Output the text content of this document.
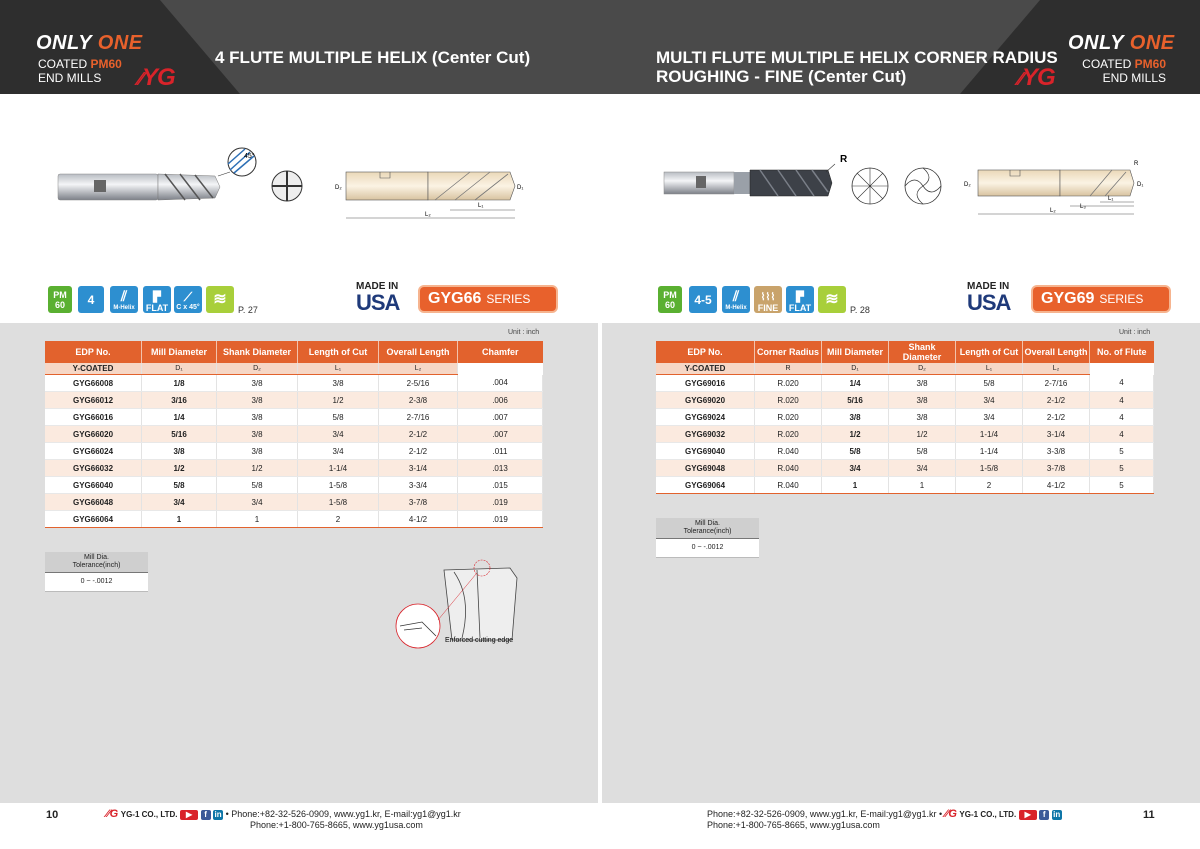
ONLY ONE
COATED PM60
END MILLS	⁄⁄YG
4 FLUTE MULTIPLE HELIX (Center Cut)	MULTI FLUTE MULTIPLE HELIX CORNER RADIUS
ROUGHING - FINE (Center Cut)	⁄⁄YG
ONLY ONE
COATED PM60
END MILLS
45°
D₂	D₁
L₁
L₂
R
D₂	D₁
R
L₁
L₃
L₂
PM
60 4 ⫽
M-Helix
▛
FLAT
⟋
C x 45° ≋
P. 27
MADE IN
USA GYG66 SERIES	PM
60 4-5 ⫽
M-Helix
⌇⌇⌇
FINE
▛
FLAT
≋
P. 28
MADE IN
USA GYG69 SERIES
Unit : inch	Unit : inch
EDP No.	Mill Diameter	Shank Diameter	Length of Cut	Overall Length	Chamfer
Y-COATED	D₁	D₂	L₁	L₂	
GYG66008	1/8	3/8	3/8	2-5/16	.004
GYG66012	3/16	3/8	1/2	2-3/8	.006
GYG66016	1/4	3/8	5/8	2-7/16	.007
GYG66020	5/16	3/8	3/4	2-1/2	.007
GYG66024	3/8	3/8	3/4	2-1/2	.011
GYG66032	1/2	1/2	1-1/4	3-1/4	.013
GYG66040	5/8	5/8	1-5/8	3-3/4	.015
GYG66048	3/4	3/4	1-5/8	3-7/8	.019
GYG66064	1	1	2	4-1/2	.019
EDP No.	Corner Radius	Mill Diameter	Shank Diameter	Length of Cut	Overall Length	No. of Flute
Y-COATED	R	D₁	D₂	L₁	L₂	
GYG69016	R.020	1/4	3/8	5/8	2-7/16	4
GYG69020	R.020	5/16	3/8	3/4	2-1/2	4
GYG69024	R.020	3/8	3/8	3/4	2-1/2	4
GYG69032	R.020	1/2	1/2	1-1/4	3-1/4	4
GYG69040	R.040	5/8	5/8	1-1/4	3-3/8	5
GYG69048	R.040	3/4	3/4	1-5/8	3-7/8	5
GYG69064	R.040	1	1	2	4-1/2	5
Mill Dia.
Tolerance(inch)
0 ~ -.0012
Mill Dia.
Tolerance(inch)
0 ~ -.0012
Enforced cutting edge
10	⁄⁄G YG-1 CO., LTD. ▶ f in • Phone:+82-32-526-0909, www.yg1.kr, E-mail:yg1@yg1.kr
Phone:+1-800-765-8665, www.yg1usa.com
Phone:+82-32-526-0909, www.yg1.kr, E-mail:yg1@yg1.kr • ⁄⁄G YG-1 CO., LTD. ▶ f in
Phone:+1-800-765-8665, www.yg1usa.com
11
